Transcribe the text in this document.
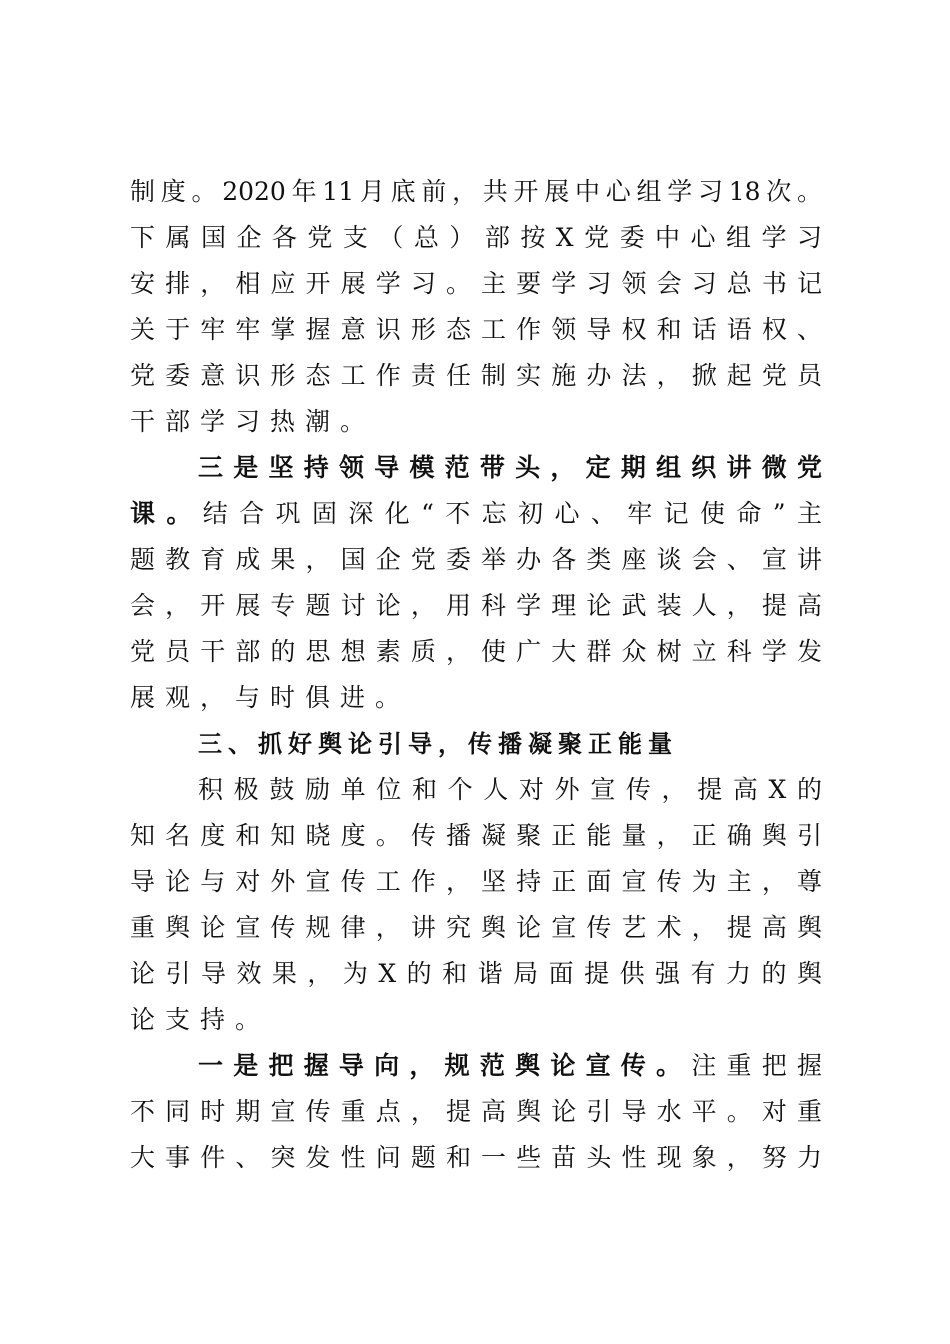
制度。2020年11月底前，共开展中心组学习18次。
下属国企各党支（总）部按X党委中心组学习
安排，相应开展学习。主要学习领会习总书记
关于牢牢掌握意识形态工作领导权和话语权、
党委意识形态工作责任制实施办法，掀起党员
干部学习热潮。
三是坚持领导模范带头，定期组织讲微党
课。结合巩固深化“不忘初心、牢记使命”主
题教育成果，国企党委举办各类座谈会、宣讲
会，开展专题讨论，用科学理论武装人，提高
党员干部的思想素质，使广大群众树立科学发
展观，与时俱进。
三、抓好舆论引导，传播凝聚正能量
积极鼓励单位和个人对外宣传，提高X的
知名度和知晓度。传播凝聚正能量，正确舆引
导论与对外宣传工作，坚持正面宣传为主，尊
重舆论宣传规律，讲究舆论宣传艺术，提高舆
论引导效果，为X的和谐局面提供强有力的舆
论支持。
一是把握导向，规范舆论宣传。注重把握
不同时期宣传重点，提高舆论引导水平。对重
大事件、突发性问题和一些苗头性现象，努力
